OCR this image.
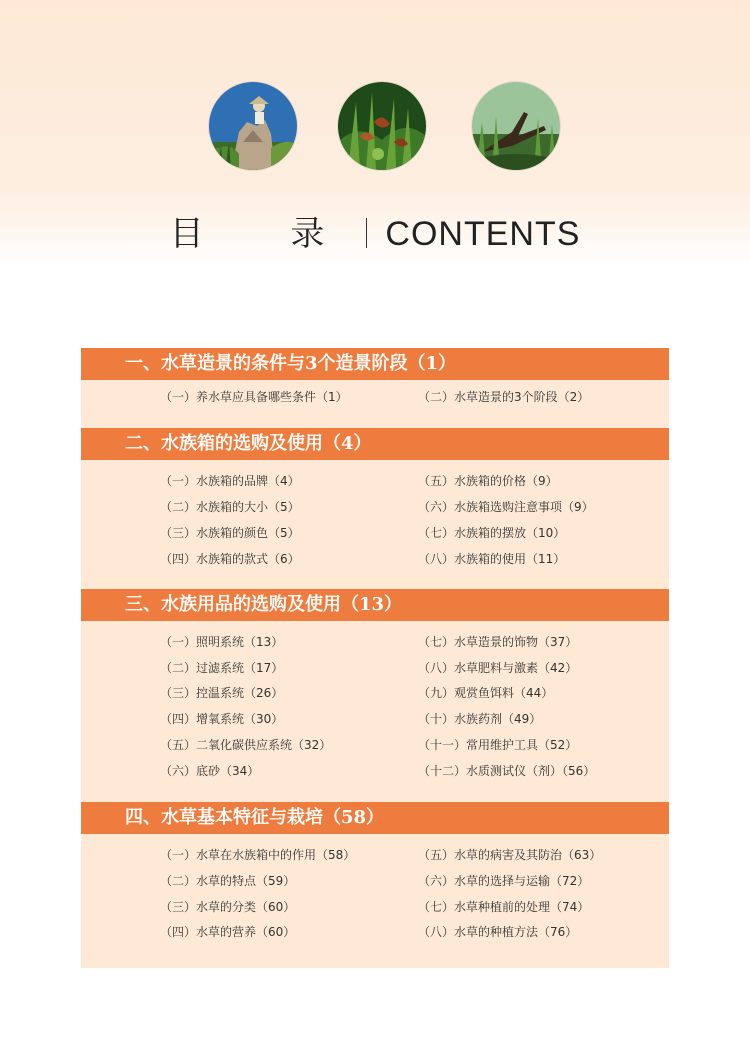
目 录 CONTENTS
一、水草造景的条件与3个造景阶段（1）
（一）养水草应具备哪些条件（1）	（二）水草造景的3个阶段（2）
二、水族箱的选购及使用（4）
（一）水族箱的品牌（4）
（二）水族箱的大小（5）
（三）水族箱的颜色（5）
（四）水族箱的款式（6）
（五）水族箱的价格（9）
（六）水族箱选购注意事项（9）
（七）水族箱的摆放（10）
（八）水族箱的使用（11）
三、水族用品的选购及使用（13）
（一）照明系统（13）
（二）过滤系统（17）
（三）控温系统（26）
（四）增氧系统（30）
（五）二氧化碳供应系统（32）
（六）底砂（34）
（七）水草造景的饰物（37）
（八）水草肥料与激素（42）
（九）观赏鱼饵料（44）
（十）水族药剂（49）
（十一）常用维护工具（52）
（十二）水质测试仪（剂）（56）
四、水草基本特征与栽培（58）
（一）水草在水族箱中的作用（58）
（二）水草的特点（59）
（三）水草的分类（60）
（四）水草的营养（60）
（五）水草的病害及其防治（63）
（六）水草的选择与运输（72）
（七）水草种植前的处理（74）
（八）水草的种植方法（76）
